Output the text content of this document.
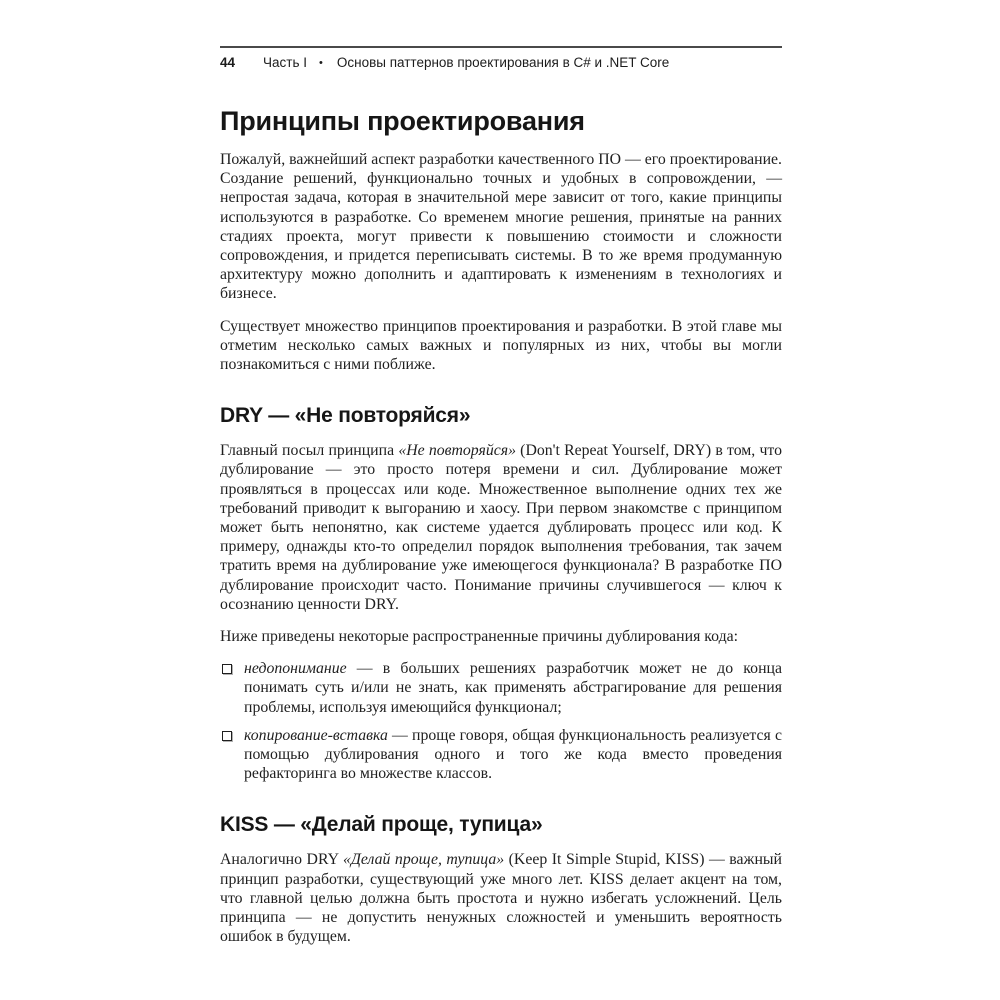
44 Часть I • Основы паттернов проектирования в C# и .NET Core
Принципы проектирования

Пожалуй, важнейший аспект разработки качественного ПО — его проектирование. Создание решений, функционально точных и удобных в сопровождении, — непростая задача, которая в значительной мере зависит от того, какие принципы используются в разработке. Со временем многие решения, принятые на ранних стадиях проекта, могут привести к повышению стоимости и сложности сопровождения, и придется переписывать системы. В то же время продуманную архитектуру можно дополнить и адаптировать к изменениям в технологиях и бизнесе.

Существует множество принципов проектирования и разработки. В этой главе мы отметим несколько самых важных и популярных из них, чтобы вы могли познакомиться с ними поближе.

DRY — «Не повторяйся»

Главный посыл принципа «Не повторяйся» (Don't Repeat Yourself, DRY) в том, что дублирование — это просто потеря времени и сил. Дублирование может проявляться в процессах или коде. Множественное выполнение одних тех же требований приводит к выгоранию и хаосу. При первом знакомстве с принципом может быть непонятно, как системе удается дублировать процесс или код. К примеру, однажды кто-то определил порядок выполнения требования, так зачем тратить время на дублирование уже имеющегося функционала? В разработке ПО дублирование происходит часто. Понимание причины случившегося — ключ к осознанию ценности DRY.

Ниже приведены некоторые распространенные причины дублирования кода:

недопонимание — в больших решениях разработчик может не до конца понимать суть и/или не знать, как применять абстрагирование для решения проблемы, используя имеющийся функционал;

копирование-вставка — проще говоря, общая функциональность реализуется с помощью дублирования одного и того же кода вместо проведения рефакторинга во множестве классов.

KISS — «Делай проще, тупица»

Аналогично DRY «Делай проще, тупица» (Keep It Simple Stupid, KISS) — важный принцип разработки, существующий уже много лет. KISS делает акцент на том, что главной целью должна быть простота и нужно избегать усложнений. Цель принципа — не допустить ненужных сложностей и уменьшить вероятность ошибок в будущем.
